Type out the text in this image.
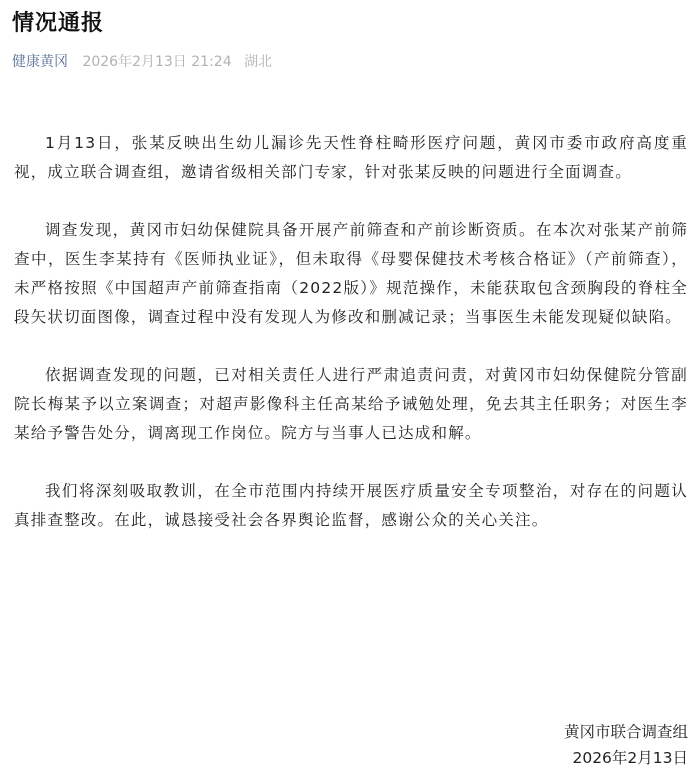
情况通报
健康黄冈 2026年2月13日 21:24 湖北

1月13日，张某反映出生幼儿漏诊先天性脊柱畸形医疗问题，黄冈市委市政府高度重视，成立联合调查组，邀请省级相关部门专家，针对张某反映的问题进行全面调查。

调查发现，黄冈市妇幼保健院具备开展产前筛查和产前诊断资质。在本次对张某产前筛查中，医生李某持有《医师执业证》，但未取得《母婴保健技术考核合格证》（产前筛查），未严格按照《中国超声产前筛查指南（2022版）》规范操作，未能获取包含颈胸段的脊柱全段矢状切面图像，调查过程中没有发现人为修改和删减记录；当事医生未能发现疑似缺陷。

依据调查发现的问题，已对相关责任人进行严肃追责问责，对黄冈市妇幼保健院分管副院长梅某予以立案调查；对超声影像科主任高某给予诫勉处理，免去其主任职务；对医生李某给予警告处分，调离现工作岗位。院方与当事人已达成和解。

我们将深刻吸取教训，在全市范围内持续开展医疗质量安全专项整治，对存在的问题认真排查整改。在此，诚恳接受社会各界舆论监督，感谢公众的关心关注。

黄冈市联合调查组
2026年2月13日
